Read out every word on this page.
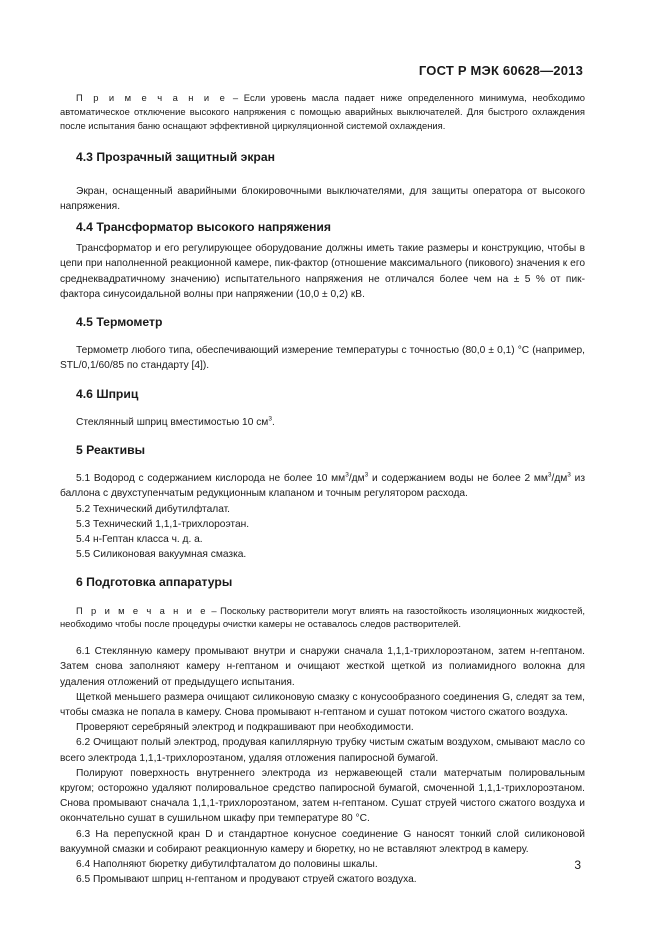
ГОСТ Р МЭК 60628—2013

П р и м е ч а н и е – Если уровень масла падает ниже определенного минимума, необходимо автоматическое отключение высокого напряжения с помощью аварийных выключателей. Для быстрого охлаждения после испытания баню оснащают эффективной циркуляционной системой охлаждения.

4.3 Прозрачный защитный экран

Экран, оснащенный аварийными блокировочными выключателями, для защиты оператора от высокого напряжения.

4.4 Трансформатор высокого напряжения

Трансформатор и его регулирующее оборудование должны иметь такие размеры и конструкцию, чтобы в цепи при наполненной реакционной камере, пик-фактор (отношение максимального (пикового) значения к его среднеквадратичному значению) испытательного напряжения не отличался более чем на ± 5 % от пик-фактора синусоидальной волны при напряжении (10,0 ± 0,2) кВ.

4.5 Термометр

Термометр любого типа, обеспечивающий измерение температуры с точностью (80,0 ± 0,1) °С (например, STL/0,1/60/85 по стандарту [4]).

4.6 Шприц

Стеклянный шприц вместимостью 10 $см^3$.

5 Реактивы

5.1 Водород с содержанием кислорода не более 10 $мм^3/дм^3$ и содержанием воды не более 2 $мм^3/дм^3$ из баллона с двухступенчатым редукционным клапаном и точным регулятором расхода.

5.2 Технический дибутилфталат.

5.3 Технический 1,1,1-трихлороэтан.

5.4 н-Гептан класса ч. д. а.

5.5 Силиконовая вакуумная смазка.

6 Подготовка аппаратуры

П р и м е ч а н и е – Поскольку растворители могут влиять на газостойкость изоляционных жидкостей, необходимо чтобы после процедуры очистки камеры не оставалось следов растворителей.

6.1 Стеклянную камеру промывают внутри и снаружи сначала 1,1,1-трихлороэтаном, затем н-гептаном. Затем снова заполняют камеру н-гептаном и очищают жесткой щеткой из полиамидного волокна для удаления отложений от предыдущего испытания.

Щеткой меньшего размера очищают силиконовую смазку с конусообразного соединения G, следят за тем, чтобы смазка не попала в камеру. Снова промывают н-гептаном и сушат потоком чистого сжатого воздуха.

Проверяют серебряный электрод и подкрашивают при необходимости.

6.2 Очищают полый электрод, продувая капиллярную трубку чистым сжатым воздухом, смывают масло со всего электрода 1,1,1-трихлороэтаном, удаляя отложения папиросной бумагой.

Полируют поверхность внутреннего электрода из нержавеющей стали матерчатым полировальным кругом; осторожно удаляют полировальное средство папиросной бумагой, смоченной 1,1,1-трихлороэтаном. Снова промывают сначала 1,1,1-трихлороэтаном, затем н-гептаном. Сушат струей чистого сжатого воздуха и окончательно сушат в сушильном шкафу при температуре 80 °С.

6.3 На перепускной кран D и стандартное конусное соединение G наносят тонкий слой силиконовой вакуумной смазки и собирают реакционную камеру и бюретку, но не вставляют электрод в камеру.

6.4 Наполняют бюретку дибутилфталатом до половины шкалы.

6.5 Промывают шприц н-гептаном и продувают струей сжатого воздуха.

3
